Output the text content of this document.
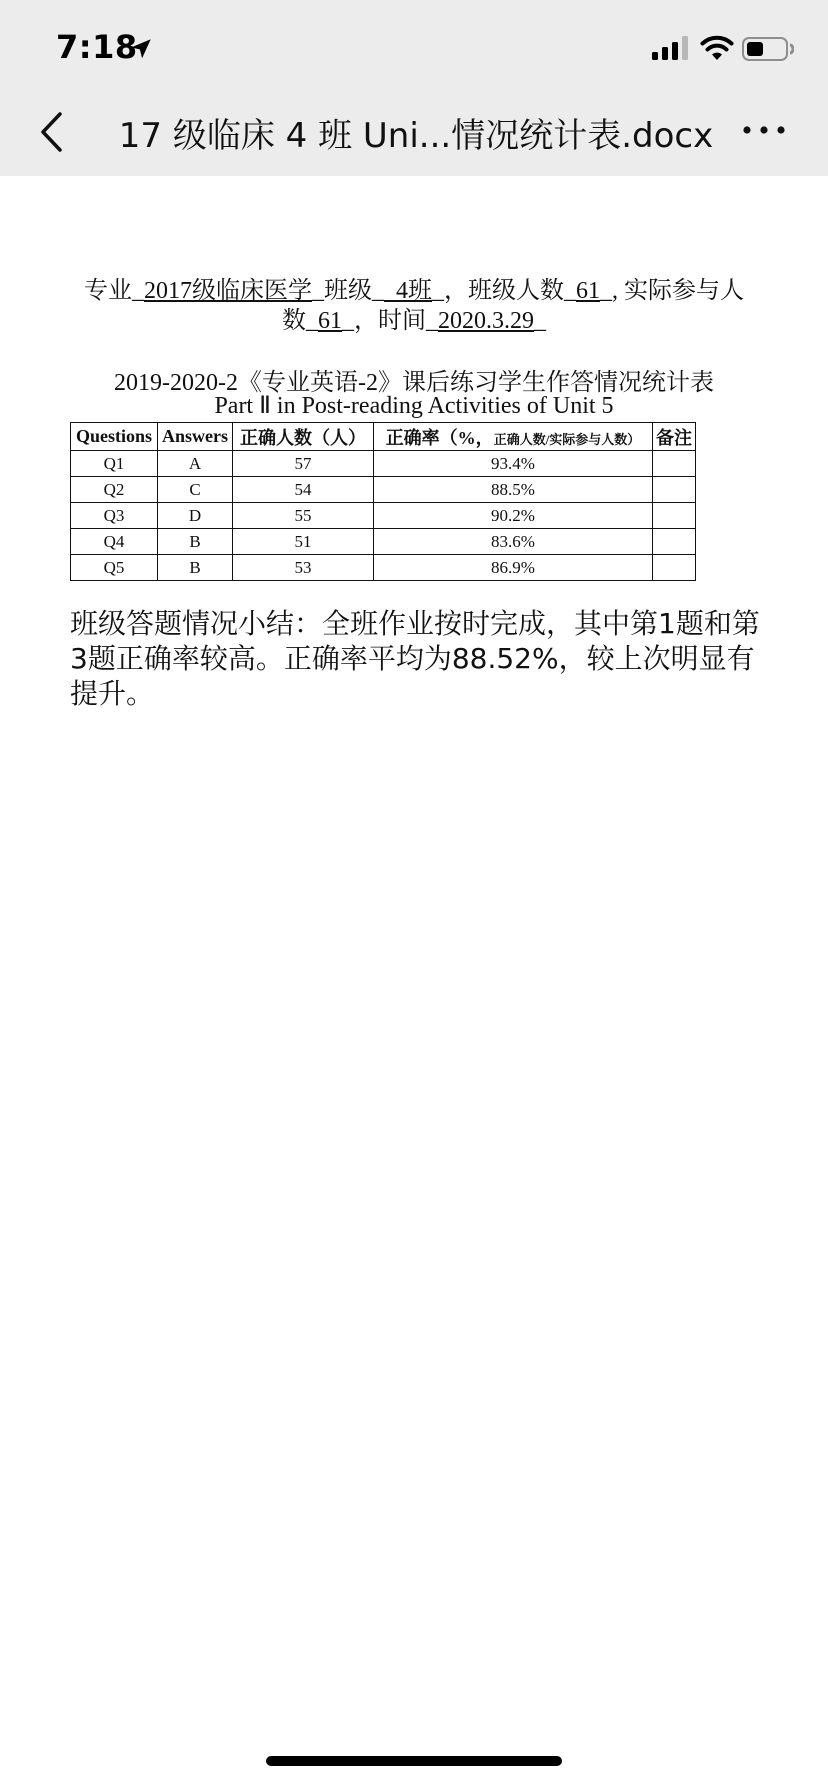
7:18
17 级临床 4 班 Uni...情况统计表.docx
专业_2017级临床医学_班级_ 4班_，班级人数_61_, 实际参与人
数_61_，时间_2020.3.29_
2019-2020-2《专业英语-2》课后练习学生作答情况统计表
Part Ⅱ in Post-reading Activities of Unit 5
Questions	Answers	正确人数（人）	正确率（%，正确人数/实际参与人数）	备注
Q1	A	57	93.4%	
Q2	C	54	88.5%	
Q3	D	55	90.2%	
Q4	B	51	83.6%	
Q5	B	53	86.9%	
班级答题情况小结：全班作业按时完成，其中第1题和第3题正确率较高。正确率平均为88.52%，较上次明显有提升。
